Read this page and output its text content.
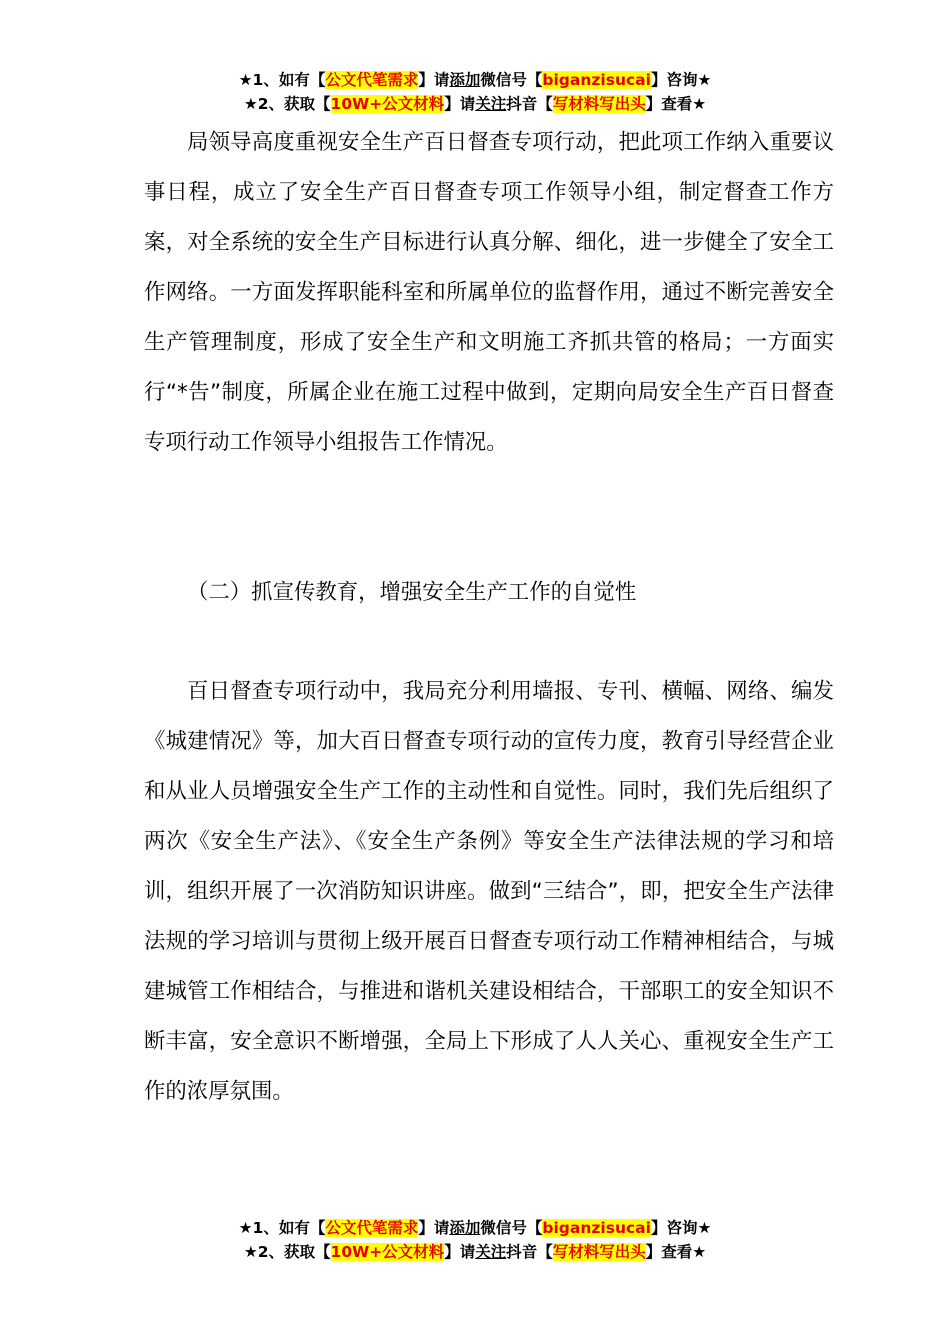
★1、如有【公文代笔需求】请添加微信号【biganzisucai】咨询★
★2、获取【10W+公文材料】请关注抖音【写材料写出头】查看★

局领导高度重视安全生产百日督查专项行动，把此项工作纳入重要议事日程，成立了安全生产百日督查专项工作领导小组，制定督查工作方案，对全系统的安全生产目标进行认真分解、细化，进一步健全了安全工作网络。一方面发挥职能科室和所属单位的监督作用，通过不断完善安全生产管理制度，形成了安全生产和文明施工齐抓共管的格局；一方面实行“*告”制度，所属企业在施工过程中做到，定期向局安全生产百日督查专项行动工作领导小组报告工作情况。

（二）抓宣传教育，增强安全生产工作的自觉性

百日督查专项行动中，我局充分利用墙报、专刊、横幅、网络、编发《城建情况》等，加大百日督查专项行动的宣传力度，教育引导经营企业和从业人员增强安全生产工作的主动性和自觉性。同时，我们先后组织了两次《安全生产法》、《安全生产条例》等安全生产法律法规的学习和培训，组织开展了一次消防知识讲座。做到“三结合”，即，把安全生产法律法规的学习培训与贯彻上级开展百日督查专项行动工作精神相结合，与城建城管工作相结合，与推进和谐机关建设相结合，干部职工的安全知识不断丰富，安全意识不断增强，全局上下形成了人人关心、重视安全生产工作的浓厚氛围。

★1、如有【公文代笔需求】请添加微信号【biganzisucai】咨询★
★2、获取【10W+公文材料】请关注抖音【写材料写出头】查看★
